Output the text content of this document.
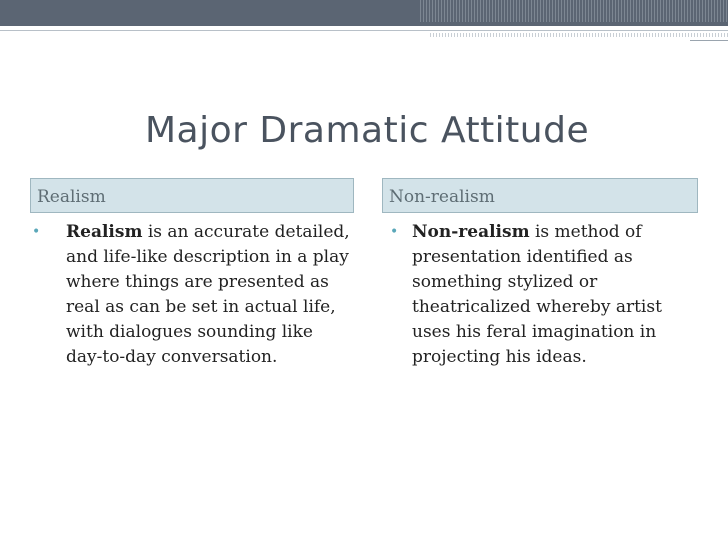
Major Dramatic Attitude
Realism	Non-realism
• Realism is an accurate detailed, and life-like description in a play where things are presented as real as can be set in actual life, with dialogues sounding like day-to-day conversation.
• Non-realism is method of presentation identified as something stylized or theatricalized whereby artist uses his feral imagination in projecting his ideas.
